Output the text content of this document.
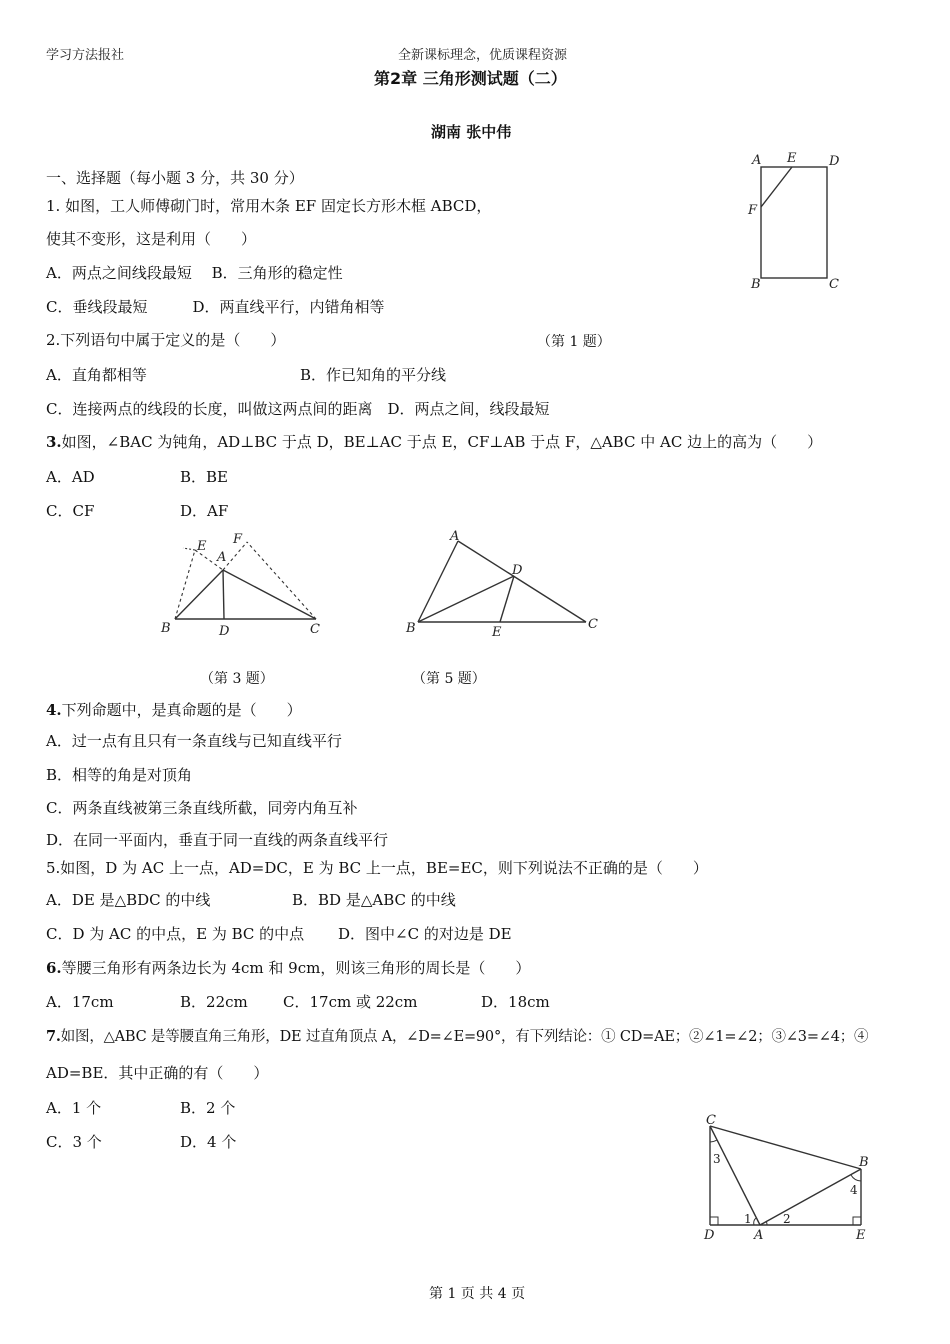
学习方法报社	全新课标理念，优质课程资源
第2章 三角形测试题（二）
湖南 张中伟
一、选择题（每小题 3 分，共 30 分）
1. 如图，工人师傅砌门时，常用木条 EF 固定长方形木框 ABCD，
使其不变形，这是利用（　　）
A．两点之间线段最短　 B．三角形的稳定性
C．垂线段最短　　　D．两直线平行，内错角相等
A E	D
F
B	C
2.下列语句中属于定义的是（　　）	（第 1 题）
A．直角都相等	B．作已知角的平分线
C．连接两点的线段的长度，叫做这两点间的距离　D．两点之间，线段最短
3.如图，∠BAC 为钝角，AD⊥BC 于点 D，BE⊥AC 于点 E，CF⊥AB 于点 F，△ABC 中 AC 边上的高为（　　）
A．AD	B．BE
C．CF	D．AF
E
A
F
B	D	C
A
D
B	E
C
（第 3 题）	（第 5 题）
4.下列命题中，是真命题的是（　　）
A．过一点有且只有一条直线与已知直线平行
B．相等的角是对顶角
C．两条直线被第三条直线所截，同旁内角互补
D．在同一平面内，垂直于同一直线的两条直线平行
5.如图，D 为 AC 上一点，AD=DC，E 为 BC 上一点，BE=EC，则下列说法不正确的是（　　）
A．DE 是△BDC 的中线	B．BD 是△ABC 的中线
C．D 为 AC 的中点，E 为 BC 的中点 D．图中∠C 的对边是 DE
6.等腰三角形有两条边长为 4cm 和 9cm，则该三角形的周长是（　　）
A．17cm	B．22cm C．17cm 或 22cm	D．18cm
7.如图，△ABC 是等腰直角三角形，DE 过直角顶点 A，∠D=∠E=90°，有下列结论：① CD=AE；②∠1=∠2；③∠3=∠4；④
AD=BE．其中正确的有（　　）
A．1 个	B．2 个
C．3 个	D．4 个
C
B
3
4
1	2
D	A	E
第 1 页 共 4 页
